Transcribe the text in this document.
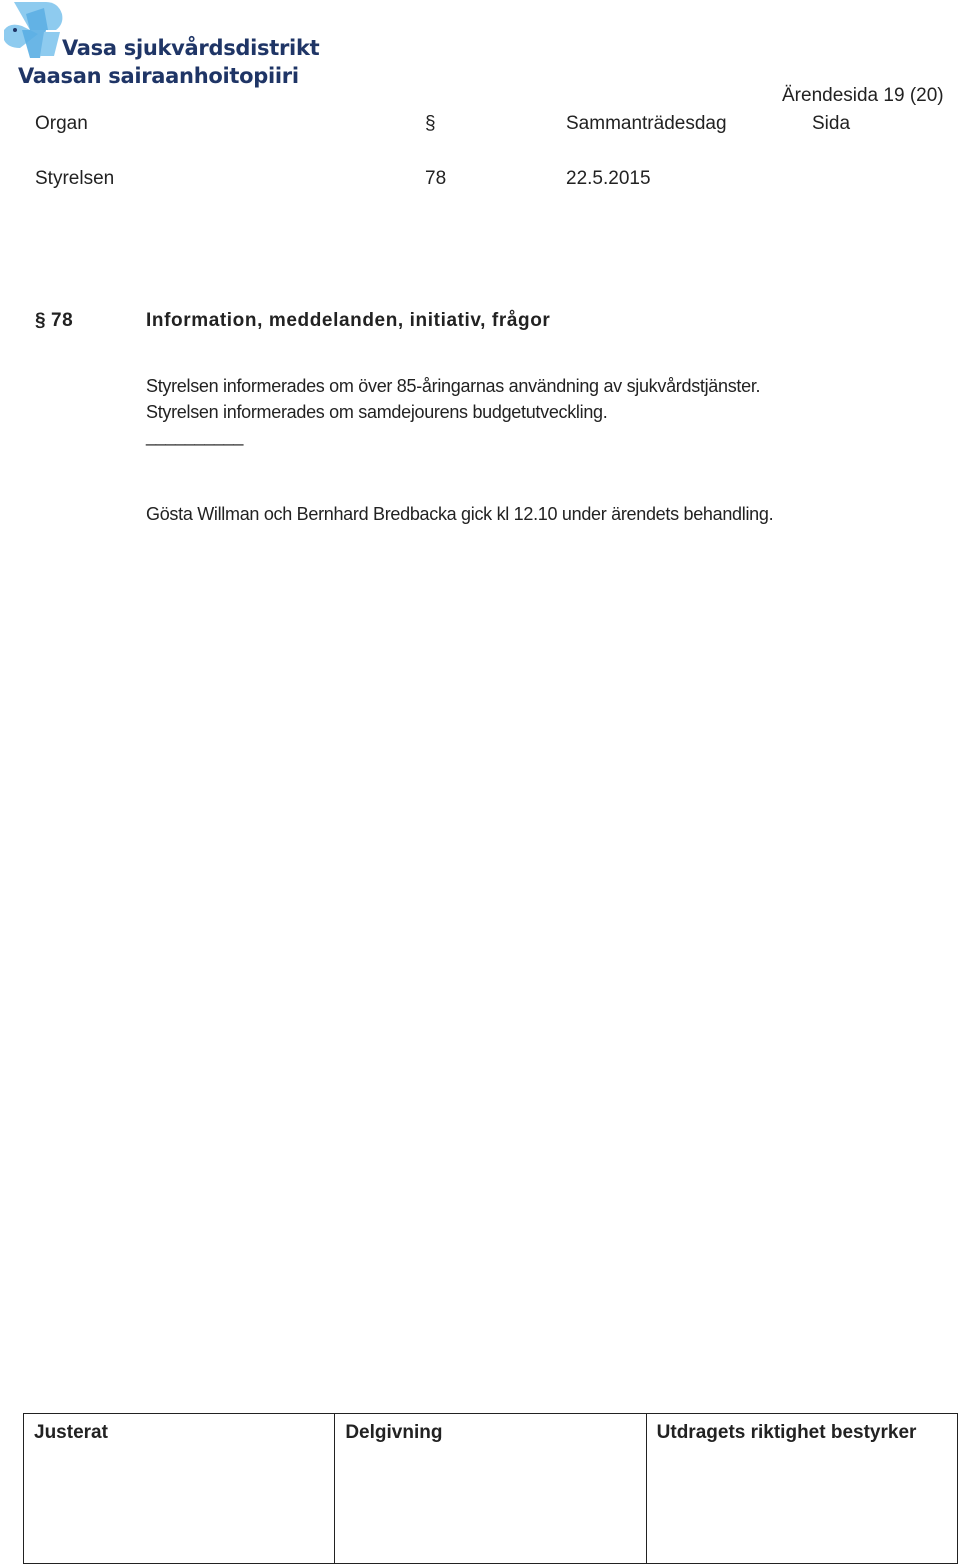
Vasa sjukvårdsdistrikt
Vaasan sairaanhoitopiiri
Ärendesida 19 (20)
Organ	§	Sammanträdesdag	Sida
Styrelsen	78	22.5.2015
§ 78	Information, meddelanden, initiativ, frågor
Styrelsen informerades om över 85-åringarnas användning av sjukvårdstjänster.
Styrelsen informerades om samdejourens budgetutveckling.
__________
Gösta Willman och Bernhard Bredbacka gick kl 12.10 under ärendets behandling.
Justerat	Delgivning	Utdragets riktighet bestyrker
